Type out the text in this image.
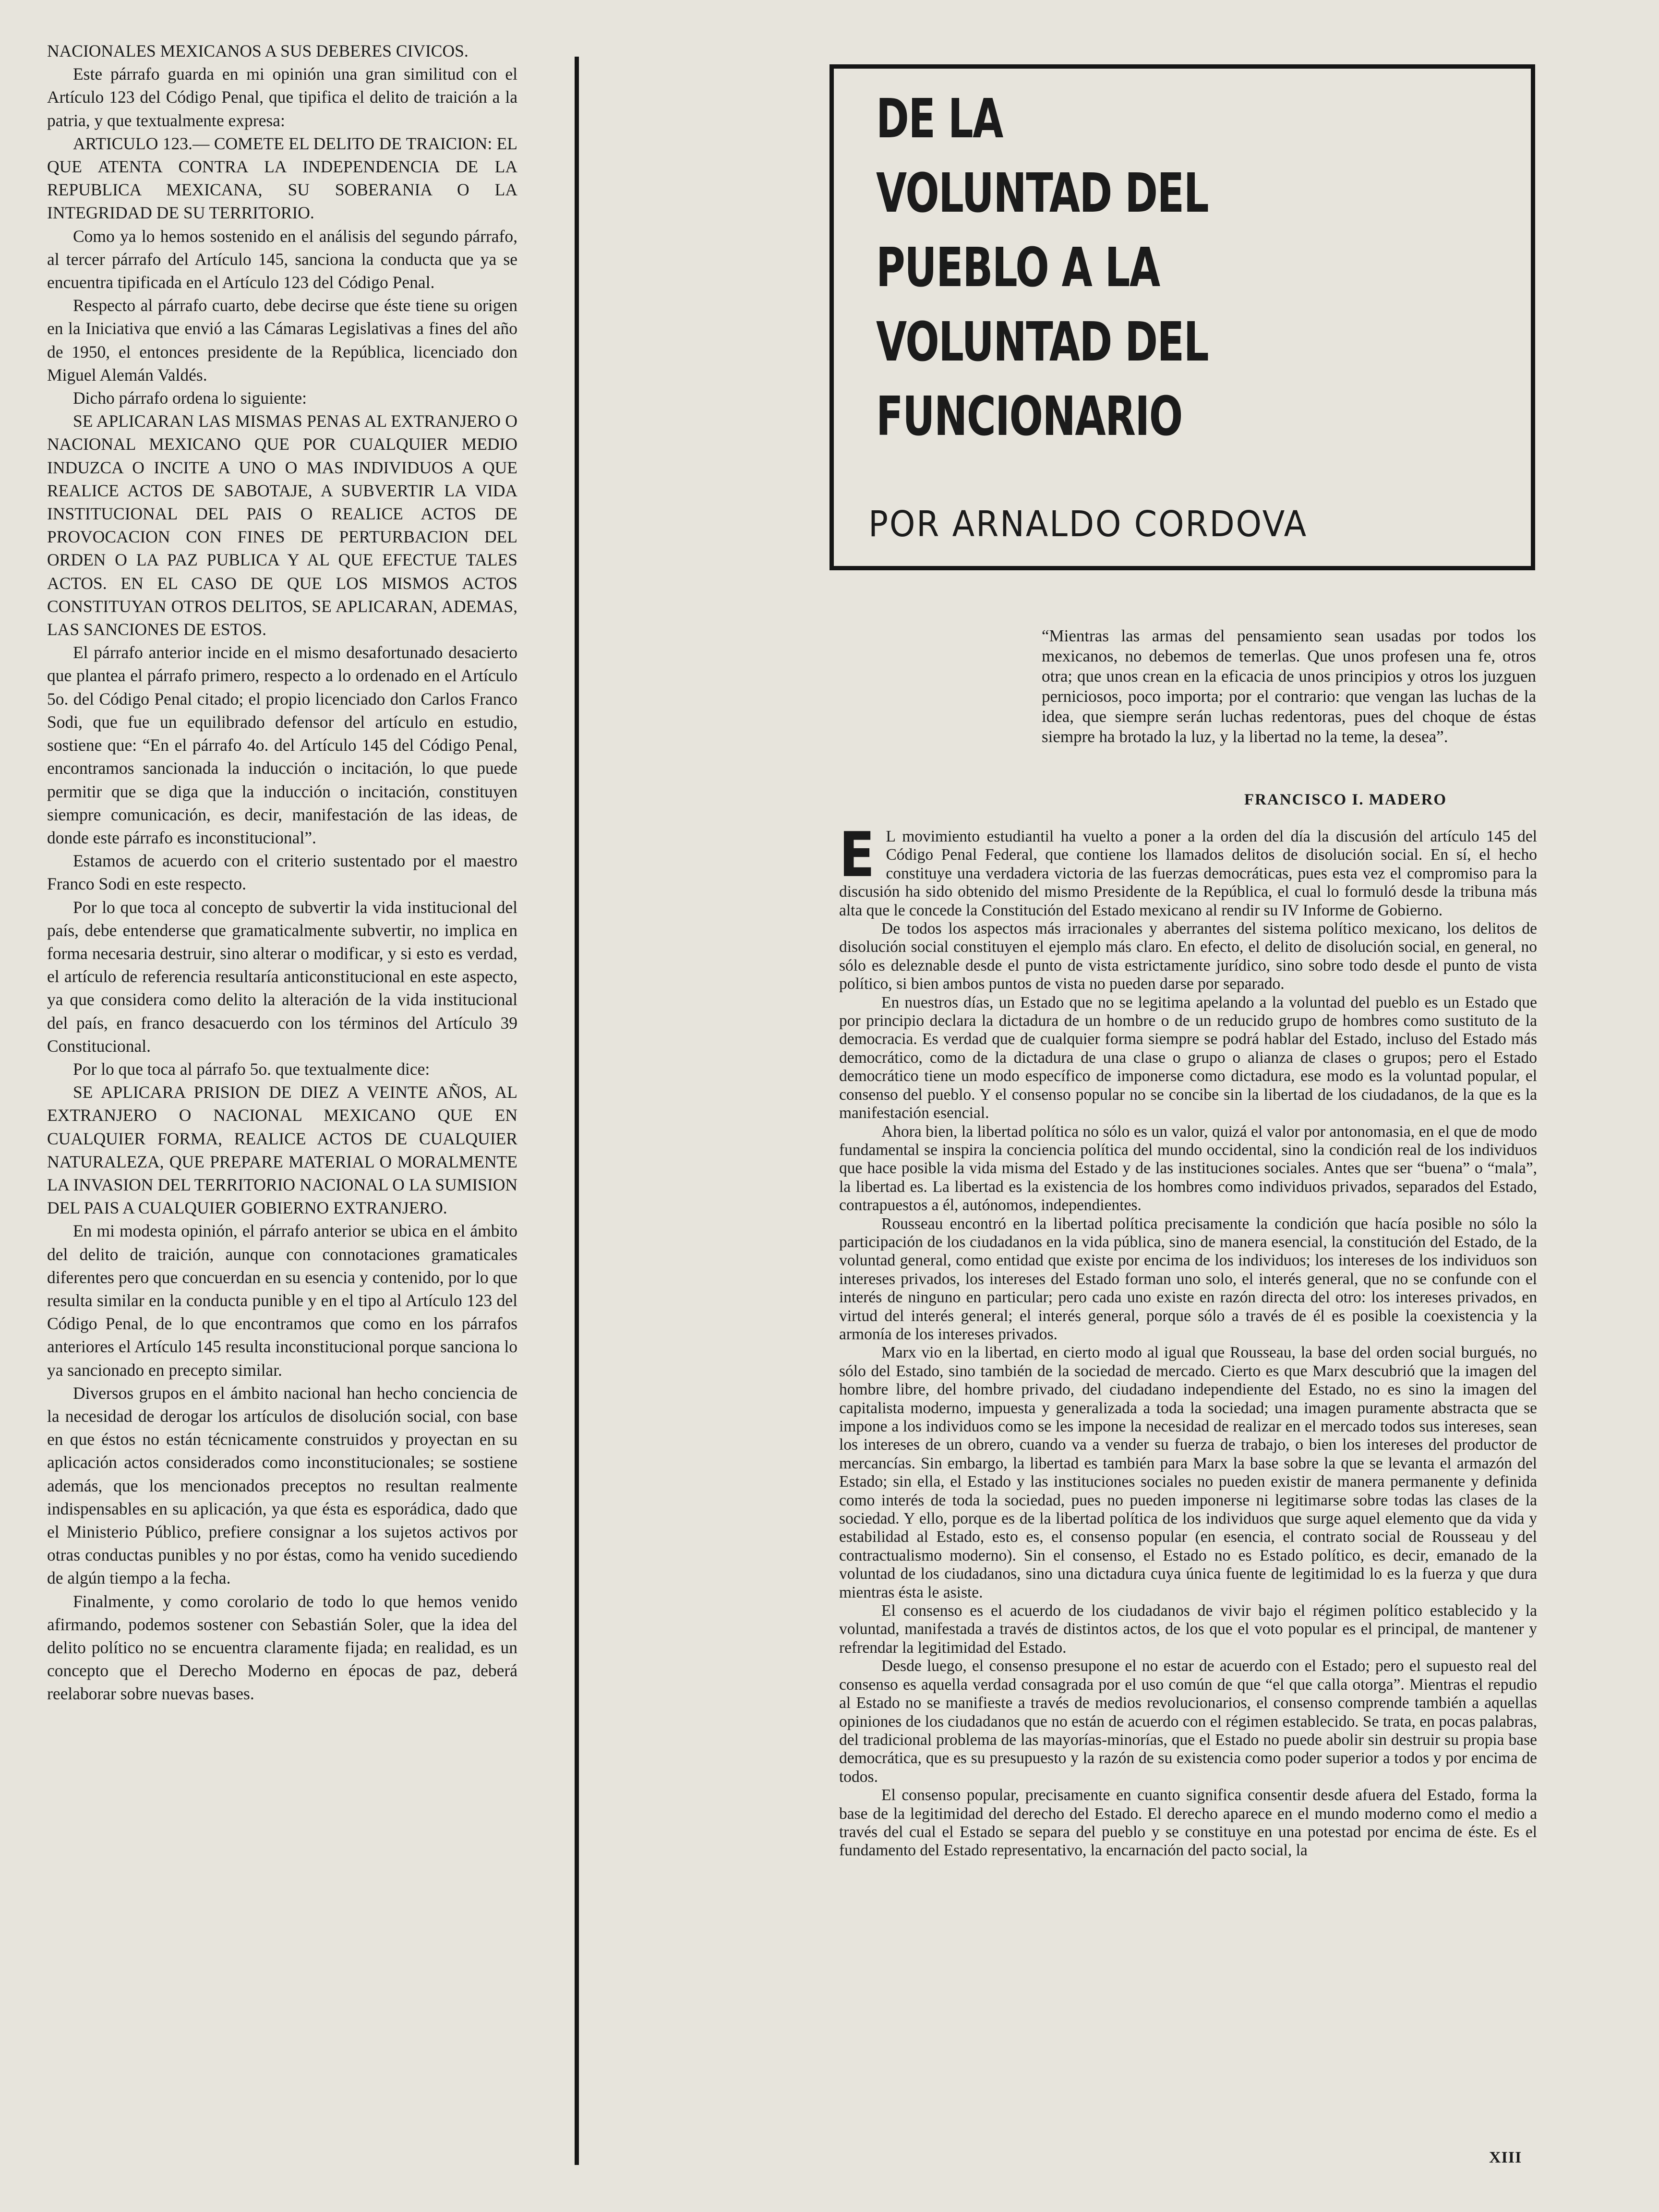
NACIONALES MEXICANOS A SUS DEBERES CIVICOS.

Este párrafo guarda en mi opinión una gran similitud con el Artículo 123 del Código Penal, que tipifica el delito de traición a la patria, y que textualmente expresa:

ARTICULO 123.— COMETE EL DELITO DE TRAICION: EL QUE ATENTA CONTRA LA INDEPENDENCIA DE LA REPUBLICA MEXICANA, SU SOBERANIA O LA INTEGRIDAD DE SU TERRITORIO.

Como ya lo hemos sostenido en el análisis del segundo párrafo, al tercer párrafo del Artículo 145, sanciona la conducta que ya se encuentra tipificada en el Artículo 123 del Código Penal.

Respecto al párrafo cuarto, debe decirse que éste tiene su origen en la Iniciativa que envió a las Cámaras Legislativas a fines del año de 1950, el entonces presidente de la República, licenciado don Miguel Alemán Valdés.

Dicho párrafo ordena lo siguiente:

SE APLICARAN LAS MISMAS PENAS AL EXTRANJERO O NACIONAL MEXICANO QUE POR CUALQUIER MEDIO INDUZCA O INCITE A UNO O MAS INDIVIDUOS A QUE REALICE ACTOS DE SABOTAJE, A SUBVERTIR LA VIDA INSTITUCIONAL DEL PAIS O REALICE ACTOS DE PROVOCACION CON FINES DE PERTURBACION DEL ORDEN O LA PAZ PUBLICA Y AL QUE EFECTUE TALES ACTOS. EN EL CASO DE QUE LOS MISMOS ACTOS CONSTITUYAN OTROS DELITOS, SE APLICARAN, ADEMAS, LAS SANCIONES DE ESTOS.

El párrafo anterior incide en el mismo desafortunado desacierto que plantea el párrafo primero, respecto a lo ordenado en el Artículo 5o. del Código Penal citado; el propio licenciado don Carlos Franco Sodi, que fue un equilibrado defensor del artículo en estudio, sostiene que: “En el párrafo 4o. del Artículo 145 del Código Penal, encontramos sancionada la inducción o incitación, lo que puede permitir que se diga que la inducción o incitación, constituyen siempre comunicación, es decir, manifestación de las ideas, de donde este párrafo es inconstitucional”.

Estamos de acuerdo con el criterio sustentado por el maestro Franco Sodi en este respecto.

Por lo que toca al concepto de subvertir la vida institucional del país, debe entenderse que gramaticalmente subvertir, no implica en forma necesaria destruir, sino alterar o modificar, y si esto es verdad, el artículo de referencia resultaría anticonstitucional en este aspecto, ya que considera como delito la alteración de la vida institucional del país, en franco desacuerdo con los términos del Artículo 39 Constitucional.

Por lo que toca al párrafo 5o. que textualmente dice:

SE APLICARA PRISION DE DIEZ A VEINTE AÑOS, AL EXTRANJERO O NACIONAL MEXICANO QUE EN CUALQUIER FORMA, REALICE ACTOS DE CUALQUIER NATURALEZA, QUE PREPARE MATERIAL O MORALMENTE LA INVASION DEL TERRITORIO NACIONAL O LA SUMISION DEL PAIS A CUALQUIER GOBIERNO EXTRANJERO.

En mi modesta opinión, el párrafo anterior se ubica en el ámbito del delito de traición, aunque con connotaciones gramaticales diferentes pero que concuerdan en su esencia y contenido, por lo que resulta similar en la conducta punible y en el tipo al Artículo 123 del Código Penal, de lo que encontramos que como en los párrafos anteriores el Artículo 145 resulta inconstitucional porque sanciona lo ya sancionado en precepto similar.

Diversos grupos en el ámbito nacional han hecho conciencia de la necesidad de derogar los artículos de disolución social, con base en que éstos no están técnicamente construidos y proyectan en su aplicación actos considerados como inconstitucionales; se sostiene además, que los mencionados preceptos no resultan realmente indispensables en su aplicación, ya que ésta es esporádica, dado que el Ministerio Público, prefiere consignar a los sujetos activos por otras conductas punibles y no por éstas, como ha venido sucediendo de algún tiempo a la fecha.

Finalmente, y como corolario de todo lo que hemos venido afirmando, podemos sostener con Sebastián Soler, que la idea del delito político no se encuentra claramente fijada; en realidad, es un concepto que el Derecho Moderno en épocas de paz, deberá reelaborar sobre nuevas bases.

DE LA
VOLUNTAD DEL
PUEBLO A LA
VOLUNTAD DEL
FUNCIONARIO
POR ARNALDO CORDOVA

“Mientras las armas del pensamiento sean usadas por todos los mexicanos, no debemos de temerlas. Que unos profesen una fe, otros otra; que unos crean en la eficacia de unos principios y otros los juzguen perniciosos, poco importa; por el contrario: que vengan las luchas de la idea, que siempre serán luchas redentoras, pues del choque de éstas siempre ha brotado la luz, y la libertad no la teme, la desea”.

FRANCISCO I. MADERO

E L movimiento estudiantil ha vuelto a poner a la orden del día la discusión del artículo 145 del Código Penal Federal, que contiene los llamados delitos de disolución social. En sí, el hecho constituye una verdadera victoria de las fuerzas democráticas, pues esta vez el compromiso para la discusión ha sido obtenido del mismo Presidente de la República, el cual lo formuló desde la tribuna más alta que le concede la Constitución del Estado mexicano al rendir su IV Informe de Gobierno.

De todos los aspectos más irracionales y aberrantes del sistema político mexicano, los delitos de disolución social constituyen el ejemplo más claro. En efecto, el delito de disolución social, en general, no sólo es deleznable desde el punto de vista estrictamente jurídico, sino sobre todo desde el punto de vista político, si bien ambos puntos de vista no pueden darse por separado.

En nuestros días, un Estado que no se legitima apelando a la voluntad del pueblo es un Estado que por principio declara la dictadura de un hombre o de un reducido grupo de hombres como sustituto de la democracia. Es verdad que de cualquier forma siempre se podrá hablar del Estado, incluso del Estado más democrático, como de la dictadura de una clase o grupo o alianza de clases o grupos; pero el Estado democrático tiene un modo específico de imponerse como dictadura, ese modo es la voluntad popular, el consenso del pueblo. Y el consenso popular no se concibe sin la libertad de los ciudadanos, de la que es la manifestación esencial.

Ahora bien, la libertad política no sólo es un valor, quizá el valor por antonomasia, en el que de modo fundamental se inspira la conciencia política del mundo occidental, sino la condición real de los individuos que hace posible la vida misma del Estado y de las instituciones sociales. Antes que ser “buena” o “mala”, la libertad es. La libertad es la existencia de los hombres como individuos privados, separados del Estado, contrapuestos a él, autónomos, independientes.

Rousseau encontró en la libertad política precisamente la condición que hacía posible no sólo la participación de los ciudadanos en la vida pública, sino de manera esencial, la constitución del Estado, de la voluntad general, como entidad que existe por encima de los individuos; los intereses de los individuos son intereses privados, los intereses del Estado forman uno solo, el interés general, que no se confunde con el interés de ninguno en particular; pero cada uno existe en razón directa del otro: los intereses privados, en virtud del interés general; el interés general, porque sólo a través de él es posible la coexistencia y la armonía de los intereses privados.

Marx vio en la libertad, en cierto modo al igual que Rousseau, la base del orden social burgués, no sólo del Estado, sino también de la sociedad de mercado. Cierto es que Marx descubrió que la imagen del hombre libre, del hombre privado, del ciudadano independiente del Estado, no es sino la imagen del capitalista moderno, impuesta y generalizada a toda la sociedad; una imagen puramente abstracta que se impone a los individuos como se les impone la necesidad de realizar en el mercado todos sus intereses, sean los intereses de un obrero, cuando va a vender su fuerza de trabajo, o bien los intereses del productor de mercancías. Sin embargo, la libertad es también para Marx la base sobre la que se levanta el armazón del Estado; sin ella, el Estado y las instituciones sociales no pueden existir de manera permanente y definida como interés de toda la sociedad, pues no pueden imponerse ni legitimarse sobre todas las clases de la sociedad. Y ello, porque es de la libertad política de los individuos que surge aquel elemento que da vida y estabilidad al Estado, esto es, el consenso popular (en esencia, el contrato social de Rousseau y del contractualismo moderno). Sin el consenso, el Estado no es Estado político, es decir, emanado de la voluntad de los ciudadanos, sino una dictadura cuya única fuente de legitimidad lo es la fuerza y que dura mientras ésta le asiste.

El consenso es el acuerdo de los ciudadanos de vivir bajo el régimen político establecido y la voluntad, manifestada a través de distintos actos, de los que el voto popular es el principal, de mantener y refrendar la legitimidad del Estado.

Desde luego, el consenso presupone el no estar de acuerdo con el Estado; pero el supuesto real del consenso es aquella verdad consagrada por el uso común de que “el que calla otorga”. Mientras el repudio al Estado no se manifieste a través de medios revolucionarios, el consenso comprende también a aquellas opiniones de los ciudadanos que no están de acuerdo con el régimen establecido. Se trata, en pocas palabras, del tradicional problema de las mayorías-minorías, que el Estado no puede abolir sin destruir su propia base democrática, que es su presupuesto y la razón de su existencia como poder superior a todos y por encima de todos.

El consenso popular, precisamente en cuanto significa consentir desde afuera del Estado, forma la base de la legitimidad del derecho del Estado. El derecho aparece en el mundo moderno como el medio a través del cual el Estado se separa del pueblo y se constituye en una potestad por encima de éste. Es el fundamento del Estado representativo, la encarnación del pacto social, la

XIII
